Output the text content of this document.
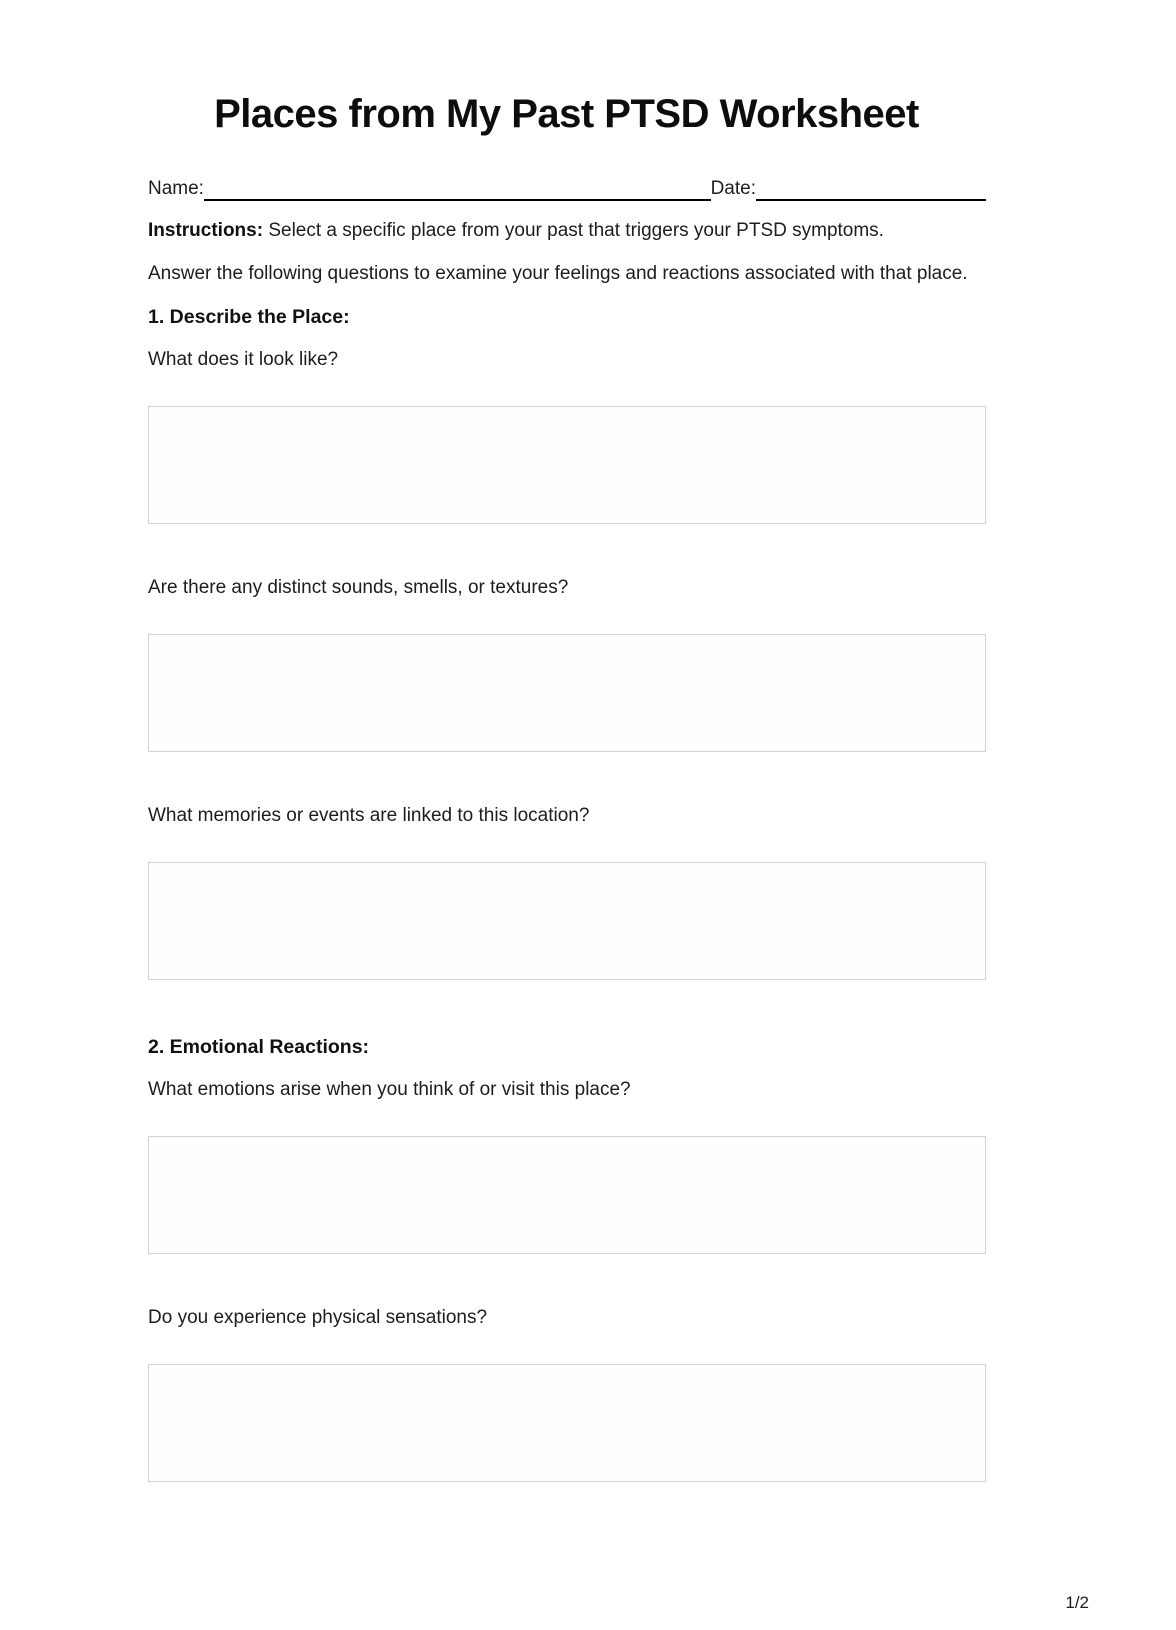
Places from My Past PTSD Worksheet
Name:	Date:

Instructions: Select a specific place from your past that triggers your PTSD symptoms.

Answer the following questions to examine your feelings and reactions associated with that place.

1. Describe the Place:

What does it look like?

Are there any distinct sounds, smells, or textures?

What memories or events are linked to this location?

2. Emotional Reactions:

What emotions arise when you think of or visit this place?

Do you experience physical sensations?

1/2
